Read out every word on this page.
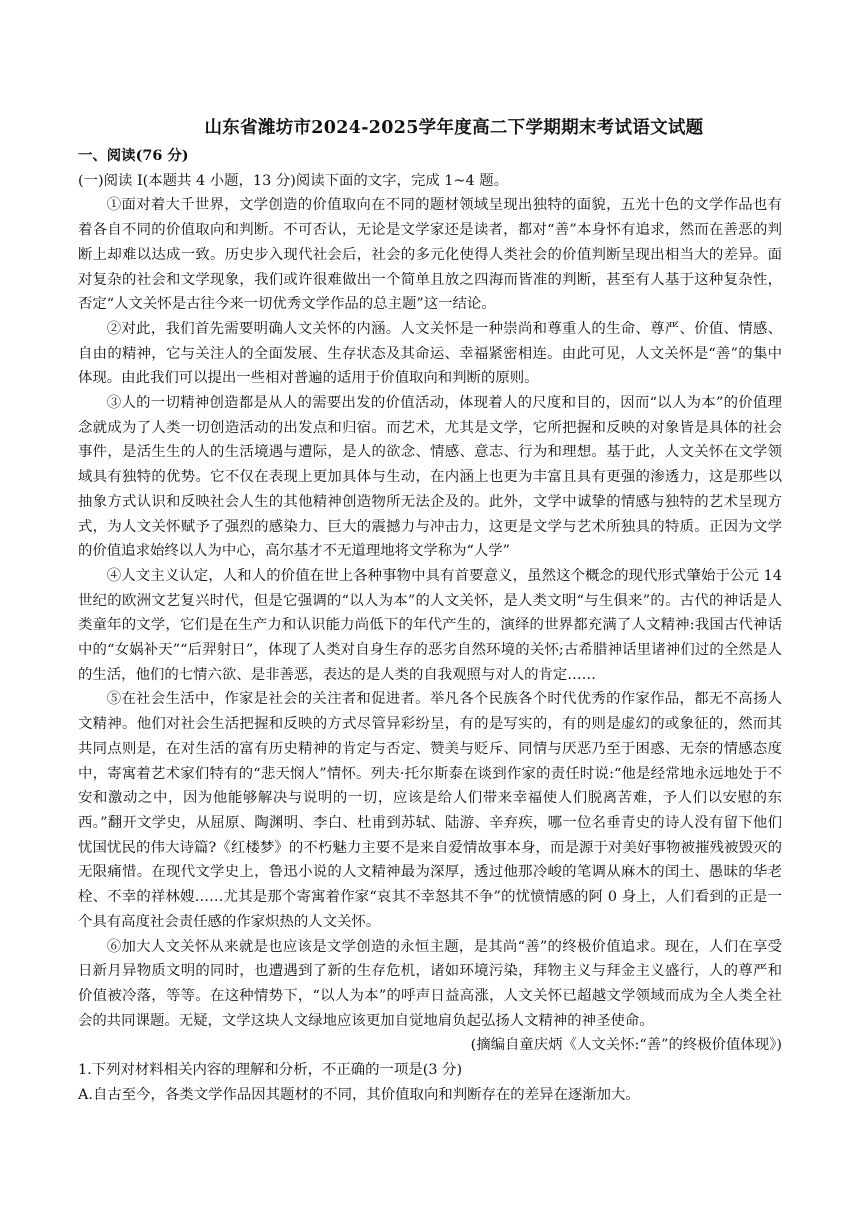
山东省潍坊市2024-2025学年度高二下学期期末考试语文试题

一、阅读(76 分)

(一)阅读 I(本题共 4 小题，13 分)阅读下面的文字，完成 1~4 题。

①面对着大千世界，文学创造的价值取向在不同的题材领域呈现出独特的面貌，五光十色的文学作品也有着各自不同的价值取向和判断。不可否认，无论是文学家还是读者，都对“善”本身怀有追求，然而在善恶的判断上却难以达成一致。历史步入现代社会后，社会的多元化使得人类社会的价值判断呈现出相当大的差异。面对复杂的社会和文学现象，我们或许很难做出一个简单且放之四海而皆准的判断，甚至有人基于这种复杂性，否定“人文关怀是古往今来一切优秀文学作品的总主题”这一结论。

②对此，我们首先需要明确人文关怀的内涵。人文关怀是一种崇尚和尊重人的生命、尊严、价值、情感、自由的精神，它与关注人的全面发展、生存状态及其命运、幸福紧密相连。由此可见，人文关怀是“善”的集中体现。由此我们可以提出一些相对普遍的适用于价值取向和判断的原则。

③人的一切精神创造都是从人的需要出发的价值活动，体现着人的尺度和目的，因而“以人为本”的价值理念就成为了人类一切创造活动的出发点和归宿。而艺术，尤其是文学，它所把握和反映的对象皆是具体的社会事件，是活生生的人的生活境遇与遭际，是人的欲念、情感、意志、行为和理想。基于此，人文关怀在文学领域具有独特的优势。它不仅在表现上更加具体与生动，在内涵上也更为丰富且具有更强的渗透力，这是那些以抽象方式认识和反映社会人生的其他精神创造物所无法企及的。此外，文学中诚挚的情感与独特的艺术呈现方式，为人文关怀赋予了强烈的感染力、巨大的震撼力与冲击力，这更是文学与艺术所独具的特质。正因为文学的价值追求始终以人为中心，高尔基才不无道理地将文学称为“人学”

④人文主义认定，人和人的价值在世上各种事物中具有首要意义，虽然这个概念的现代形式肇始于公元 14 世纪的欧洲文艺复兴时代，但是它强调的“以人为本”的人文关怀，是人类文明“与生俱来”的。古代的神话是人类童年的文学，它们是在生产力和认识能力尚低下的年代产生的，演绎的世界都充满了人文精神:我国古代神话中的“女娲补天”“后羿射日”，体现了人类对自身生存的恶劣自然环境的关怀;古希腊神话里诸神们过的全然是人的生活，他们的七情六欲、是非善恶，表达的是人类的自我观照与对人的肯定……

⑤在社会生活中，作家是社会的关注者和促进者。举凡各个民族各个时代优秀的作家作品，都无不高扬人文精神。他们对社会生活把握和反映的方式尽管异彩纷呈，有的是写实的，有的则是虚幻的或象征的，然而其共同点则是，在对生活的富有历史精神的肯定与否定、赞美与贬斥、同情与厌恶乃至于困惑、无奈的情感态度中，寄寓着艺术家们特有的“悲天悯人”情怀。列夫·托尔斯泰在谈到作家的责任时说:“他是经常地永远地处于不安和激动之中，因为他能够解决与说明的一切，应该是给人们带来幸福使人们脱离苦难，予人们以安慰的东西。”翻开文学史，从屈原、陶渊明、李白、杜甫到苏轼、陆游、辛弃疾，哪一位名垂青史的诗人没有留下他们忧国忧民的伟大诗篇?《红楼梦》的不朽魅力主要不是来自爱情故事本身，而是源于对美好事物被摧残被毁灭的无限痛惜。在现代文学史上，鲁迅小说的人文精神最为深厚，透过他那冷峻的笔调从麻木的闰土、愚昧的华老栓、不幸的祥林嫂……尤其是那个寄寓着作家“哀其不幸怒其不争”的忧愤情感的阿 0 身上，人们看到的正是一个具有高度社会责任感的作家炽热的人文关怀。

⑥加大人文关怀从来就是也应该是文学创造的永恒主题，是其尚“善”的终极价值追求。现在，人们在享受日新月异物质文明的同时，也遭遇到了新的生存危机，诸如环境污染，拜物主义与拜金主义盛行，人的尊严和价值被冷落，等等。在这种情势下，“以人为本”的呼声日益高涨，人文关怀已超越文学领域而成为全人类全社会的共同课题。无疑，文学这块人文绿地应该更加自觉地肩负起弘扬人文精神的神圣使命。

(摘编自童庆炳《人文关怀:“善”的终极价值体现》)

1.下列对材料相关内容的理解和分析，不正确的一项是(3 分)

A.自古至今，各类文学作品因其题材的不同，其价值取向和判断存在的差异在逐渐加大。
